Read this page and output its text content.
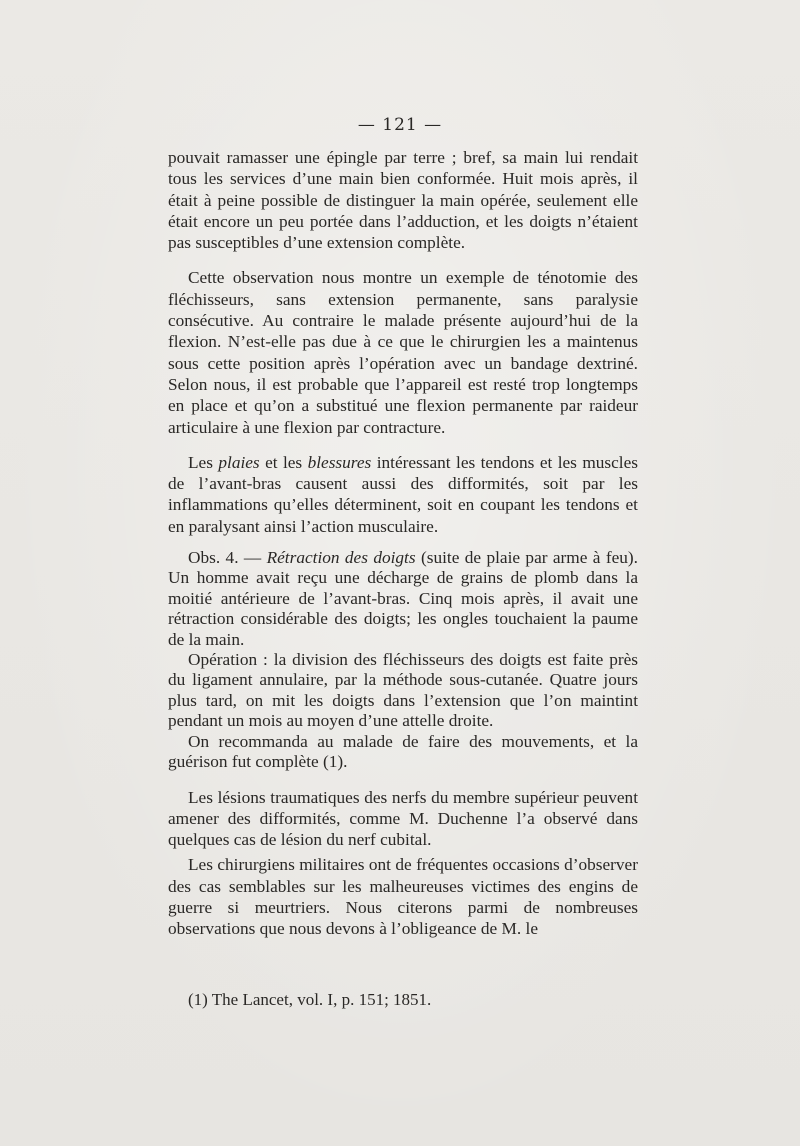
— 121 —

pouvait ramasser une épingle par terre ; bref, sa main lui rendait tous les services d’une main bien conformée. Huit mois après, il était à peine possible de distinguer la main opérée, seulement elle était encore un peu portée dans l’adduction, et les doigts n’étaient pas susceptibles d’une extension complète.

Cette observation nous montre un exemple de ténotomie des fléchisseurs, sans extension permanente, sans paralysie consécutive. Au contraire le malade présente aujourd’hui de la flexion. N’est-elle pas due à ce que le chirurgien les a maintenus sous cette position après l’opération avec un bandage dextriné. Selon nous, il est probable que l’appareil est resté trop longtemps en place et qu’on a substitué une flexion permanente par raideur articulaire à une flexion par contracture.

Les plaies et les blessures intéressant les tendons et les muscles de l’avant-bras causent aussi des difformités, soit par les inflammations qu’elles déterminent, soit en coupant les tendons et en paralysant ainsi l’action musculaire.

Obs. 4. — Rétraction des doigts (suite de plaie par arme à feu). Un homme avait reçu une décharge de grains de plomb dans la moitié antérieure de l’avant-bras. Cinq mois après, il avait une rétraction considérable des doigts; les ongles touchaient la paume de la main.

Opération : la division des fléchisseurs des doigts est faite près du ligament annulaire, par la méthode sous-cutanée. Quatre jours plus tard, on mit les doigts dans l’extension que l’on maintint pendant un mois au moyen d’une attelle droite.

On recommanda au malade de faire des mouvements, et la guérison fut complète (1).

Les lésions traumatiques des nerfs du membre supérieur peuvent amener des difformités, comme M. Duchenne l’a observé dans quelques cas de lésion du nerf cubital.

Les chirurgiens militaires ont de fréquentes occasions d’observer des cas semblables sur les malheureuses victimes des engins de guerre si meurtriers. Nous citerons parmi de nombreuses observations que nous devons à l’obligeance de M. le

(1) The Lancet, vol. I, p. 151; 1851.
